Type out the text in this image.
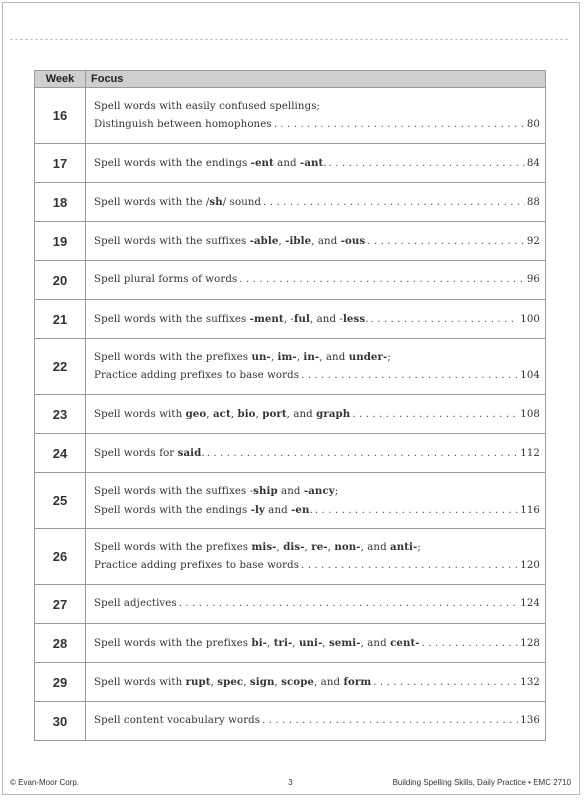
Week	Focus
16	Spell words with easily confused spellings;
Distinguish between homophones . . . 80

17	Spell words with the endings -ent and -ant. . . . 84

18	Spell words with the /sh/ sound . . . 88

19	Spell words with the suffixes -able, -ible, and -ous . . . 92

20	Spell plural forms of words . . . 96

21	Spell words with the suffixes -ment, -ful, and -less. . . . 100

22	Spell words with the prefixes un-, im-, in-, and under-;
Practice adding prefixes to base words . . . 104

23	Spell words with geo, act, bio, port, and graph . . . 108

24	Spell words for said. . . . 112

25	Spell words with the suffixes -ship and -ancy;
Spell words with the endings -ly and -en. . . . 116

26	Spell words with the prefixes mis-, dis-, re-, non-, and anti-;
Practice adding prefixes to base words . . . 120

27	Spell adjectives . . . 124

28	Spell words with the prefixes bi-, tri-, uni-, semi-, and cent- . . . 128

29	Spell words with rupt, spec, sign, scope, and form . . . 132

30	Spell content vocabulary words . . . 136
© Evan-Moor Corp.	3	Building Spelling Skills, Daily Practice • EMC 2710
